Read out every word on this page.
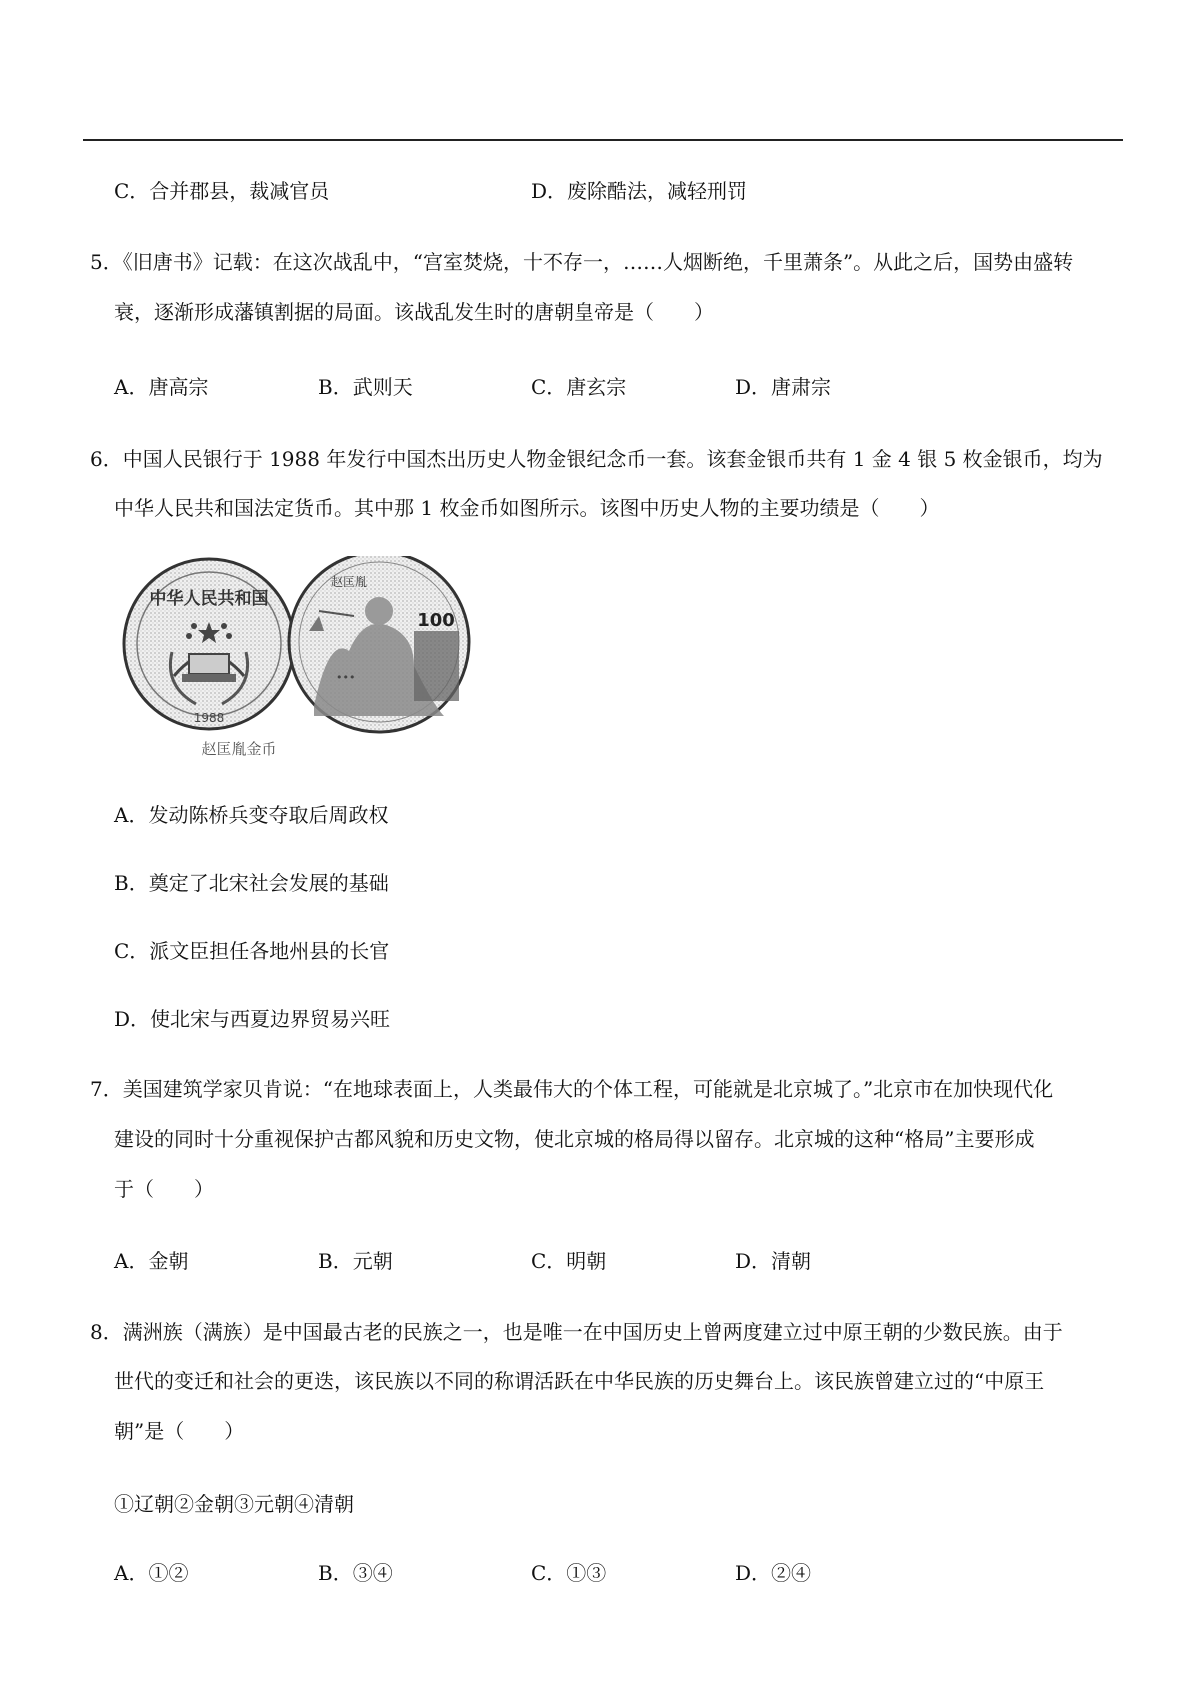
C．合并郡县，裁减官员	D．废除酷法，减轻刑罚
5．《旧唐书》记载：在这次战乱中，“宫室焚烧，十不存一，……人烟断绝，千里萧条”。从此之后，国势由盛转
衰，逐渐形成藩镇割据的局面。该战乱发生时的唐朝皇帝是（　　）
A．唐高宗	B．武则天	C．唐玄宗	D．唐肃宗
6．中国人民银行于 1988 年发行中国杰出历史人物金银纪念币一套。该套金银币共有 1 金 4 银 5 枚金银币，均为
中华人民共和国法定货币。其中那 1 枚金币如图所示。该图中历史人物的主要功绩是（　　）
中华人民共和国
1988
赵匡胤
100
•••
赵匡胤金币
A．发动陈桥兵变夺取后周政权
B．奠定了北宋社会发展的基础
C．派文臣担任各地州县的长官
D．使北宋与西夏边界贸易兴旺
7．美国建筑学家贝肯说：“在地球表面上，人类最伟大的个体工程，可能就是北京城了。”北京市在加快现代化
建设的同时十分重视保护古都风貌和历史文物，使北京城的格局得以留存。北京城的这种“格局”主要形成
于（　　）
A．金朝	B．元朝	C．明朝	D．清朝
8．满洲族（满族）是中国最古老的民族之一，也是唯一在中国历史上曾两度建立过中原王朝的少数民族。由于
世代的变迁和社会的更迭，该民族以不同的称谓活跃在中华民族的历史舞台上。该民族曾建立过的“中原王
朝”是（　　）
①辽朝②金朝③元朝④清朝
A．①②	B．③④	C．①③	D．②④
